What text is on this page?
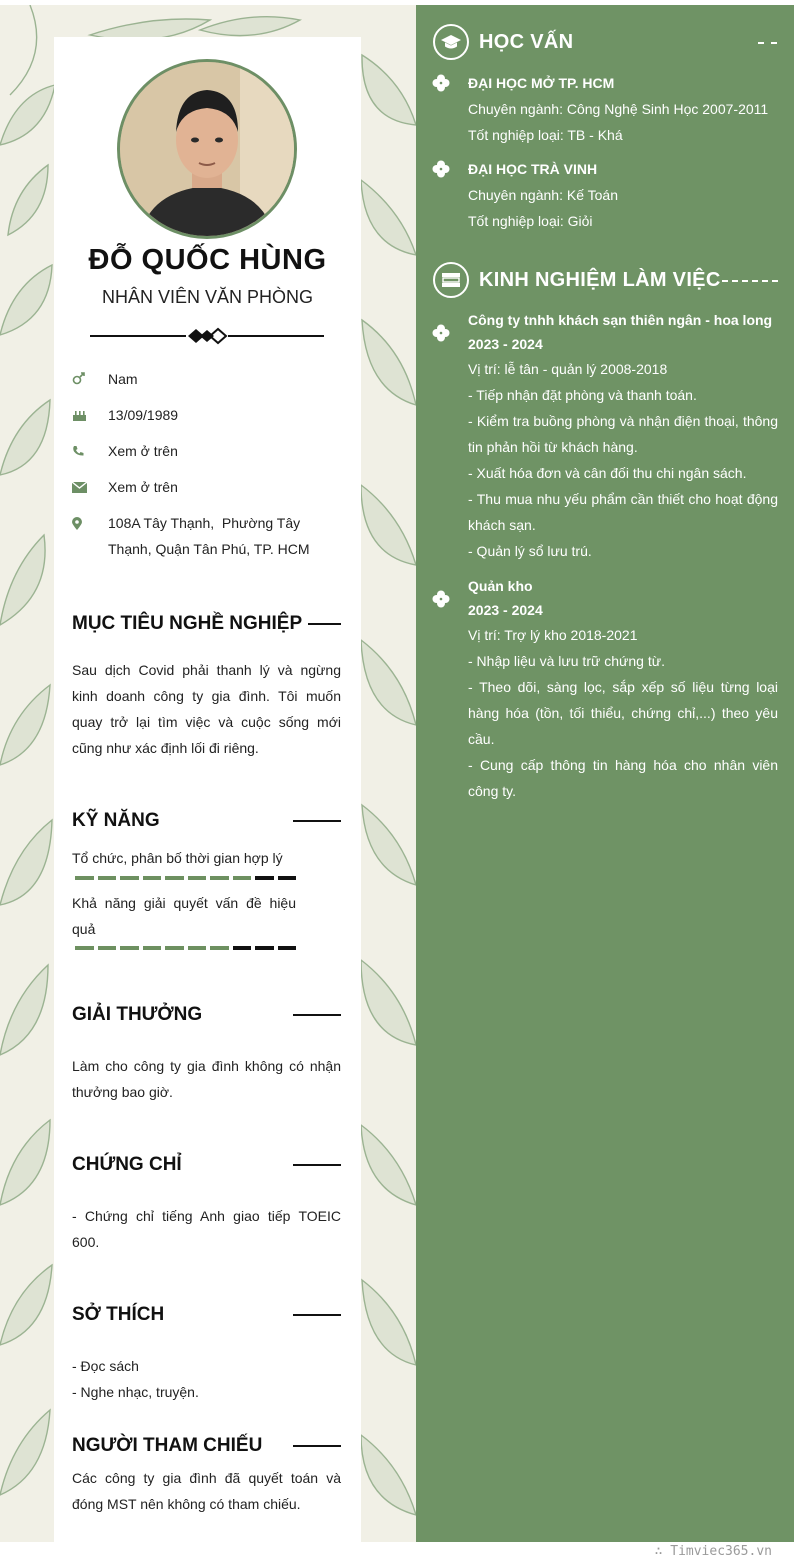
ĐỖ QUỐC HÙNG
NHÂN VIÊN VĂN PHÒNG
Nam
13/09/1989
Xem ở trên
Xem ở trên
108A Tây Thạnh,  Phường Tây
Thạnh, Quận Tân Phú, TP. HCM
MỤC TIÊU NGHỀ NGHIỆP
Sau dịch Covid phải thanh lý và ngừng kinh doanh công ty gia đình. Tôi muốn quay trở lại tìm việc và cuộc sống mới cũng như xác định lối đi riêng.
KỸ NĂNG
Tổ chức, phân bố thời gian hợp lý
Khả năng giải quyết vấn đề hiệu quả
GIẢI THƯỞNG
Làm cho công ty gia đình không có nhận thưởng bao giờ.
CHỨNG CHỈ
- Chứng chỉ tiếng Anh giao tiếp TOEIC 600.
SỞ THÍCH
- Đọc sách
- Nghe nhạc, truyện.
NGƯỜI THAM CHIẾU
Các công ty gia đình đã quyết toán và đóng MST nên không có tham chiếu.
HỌC VẤN
ĐẠI HỌC MỞ TP. HCM
Chuyên ngành: Công Nghệ Sinh Học 2007-2011
Tốt nghiệp loại: TB - Khá
ĐẠI HỌC TRÀ VINH
Chuyên ngành: Kế Toán
Tốt nghiệp loại: Giỏi
KINH NGHIỆM LÀM VIỆC
Công ty tnhh khách sạn thiên ngân - hoa long
2023 - 2024
Vị trí: lễ tân - quản lý 2008-2018
- Tiếp nhận đặt phòng và thanh toán.
- Kiểm tra buồng phòng và nhận điện thoại, thông tin phản hồi từ khách hàng.
- Xuất hóa đơn và cân đối thu chi ngân sách.
- Thu mua nhu yếu phẩm cần thiết cho hoạt động khách sạn.
- Quản lý sổ lưu trú.
Quản kho
2023 - 2024
Vị trí: Trợ lý kho 2018-2021
- Nhập liệu và lưu trữ chứng từ.
- Theo dõi, sàng lọc, sắp xếp số liệu từng loại hàng hóa (tồn, tối thiểu, chứng chỉ,...) theo yêu cầu.
- Cung cấp thông tin hàng hóa cho nhân viên công ty.
∴ Timviec365.vn
